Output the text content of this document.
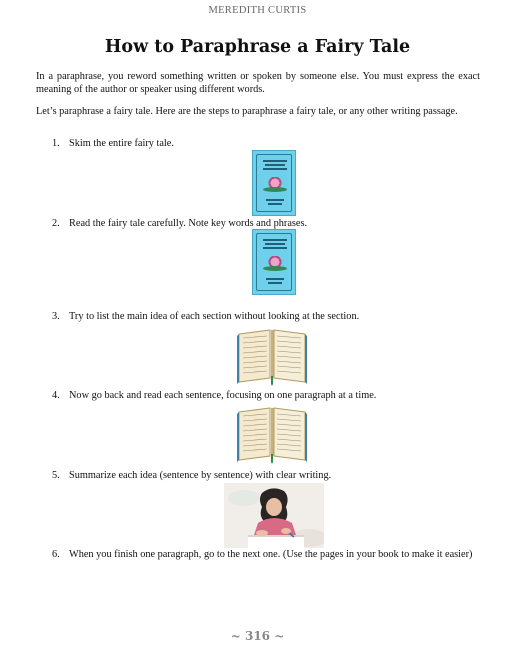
MEREDITH CURTIS
How to Paraphrase a Fairy Tale
In a paraphrase, you reword something written or spoken by someone else. You must express the exact meaning of the author or speaker using different words.
Let’s paraphrase a fairy tale. Here are the steps to paraphrase a fairy tale, or any other writing passage.
1. Skim the entire fairy tale.
2. Read the fairy tale carefully. Note key words and phrases.
3. Try to list the main idea of each section without looking at the section.
4. Now go back and read each sentence, focusing on one paragraph at a time.
5. Summarize each idea (sentence by sentence) with clear writing.
6. When you finish one paragraph, go to the next one. (Use the pages in your book to make it easier)
~ 316 ~
